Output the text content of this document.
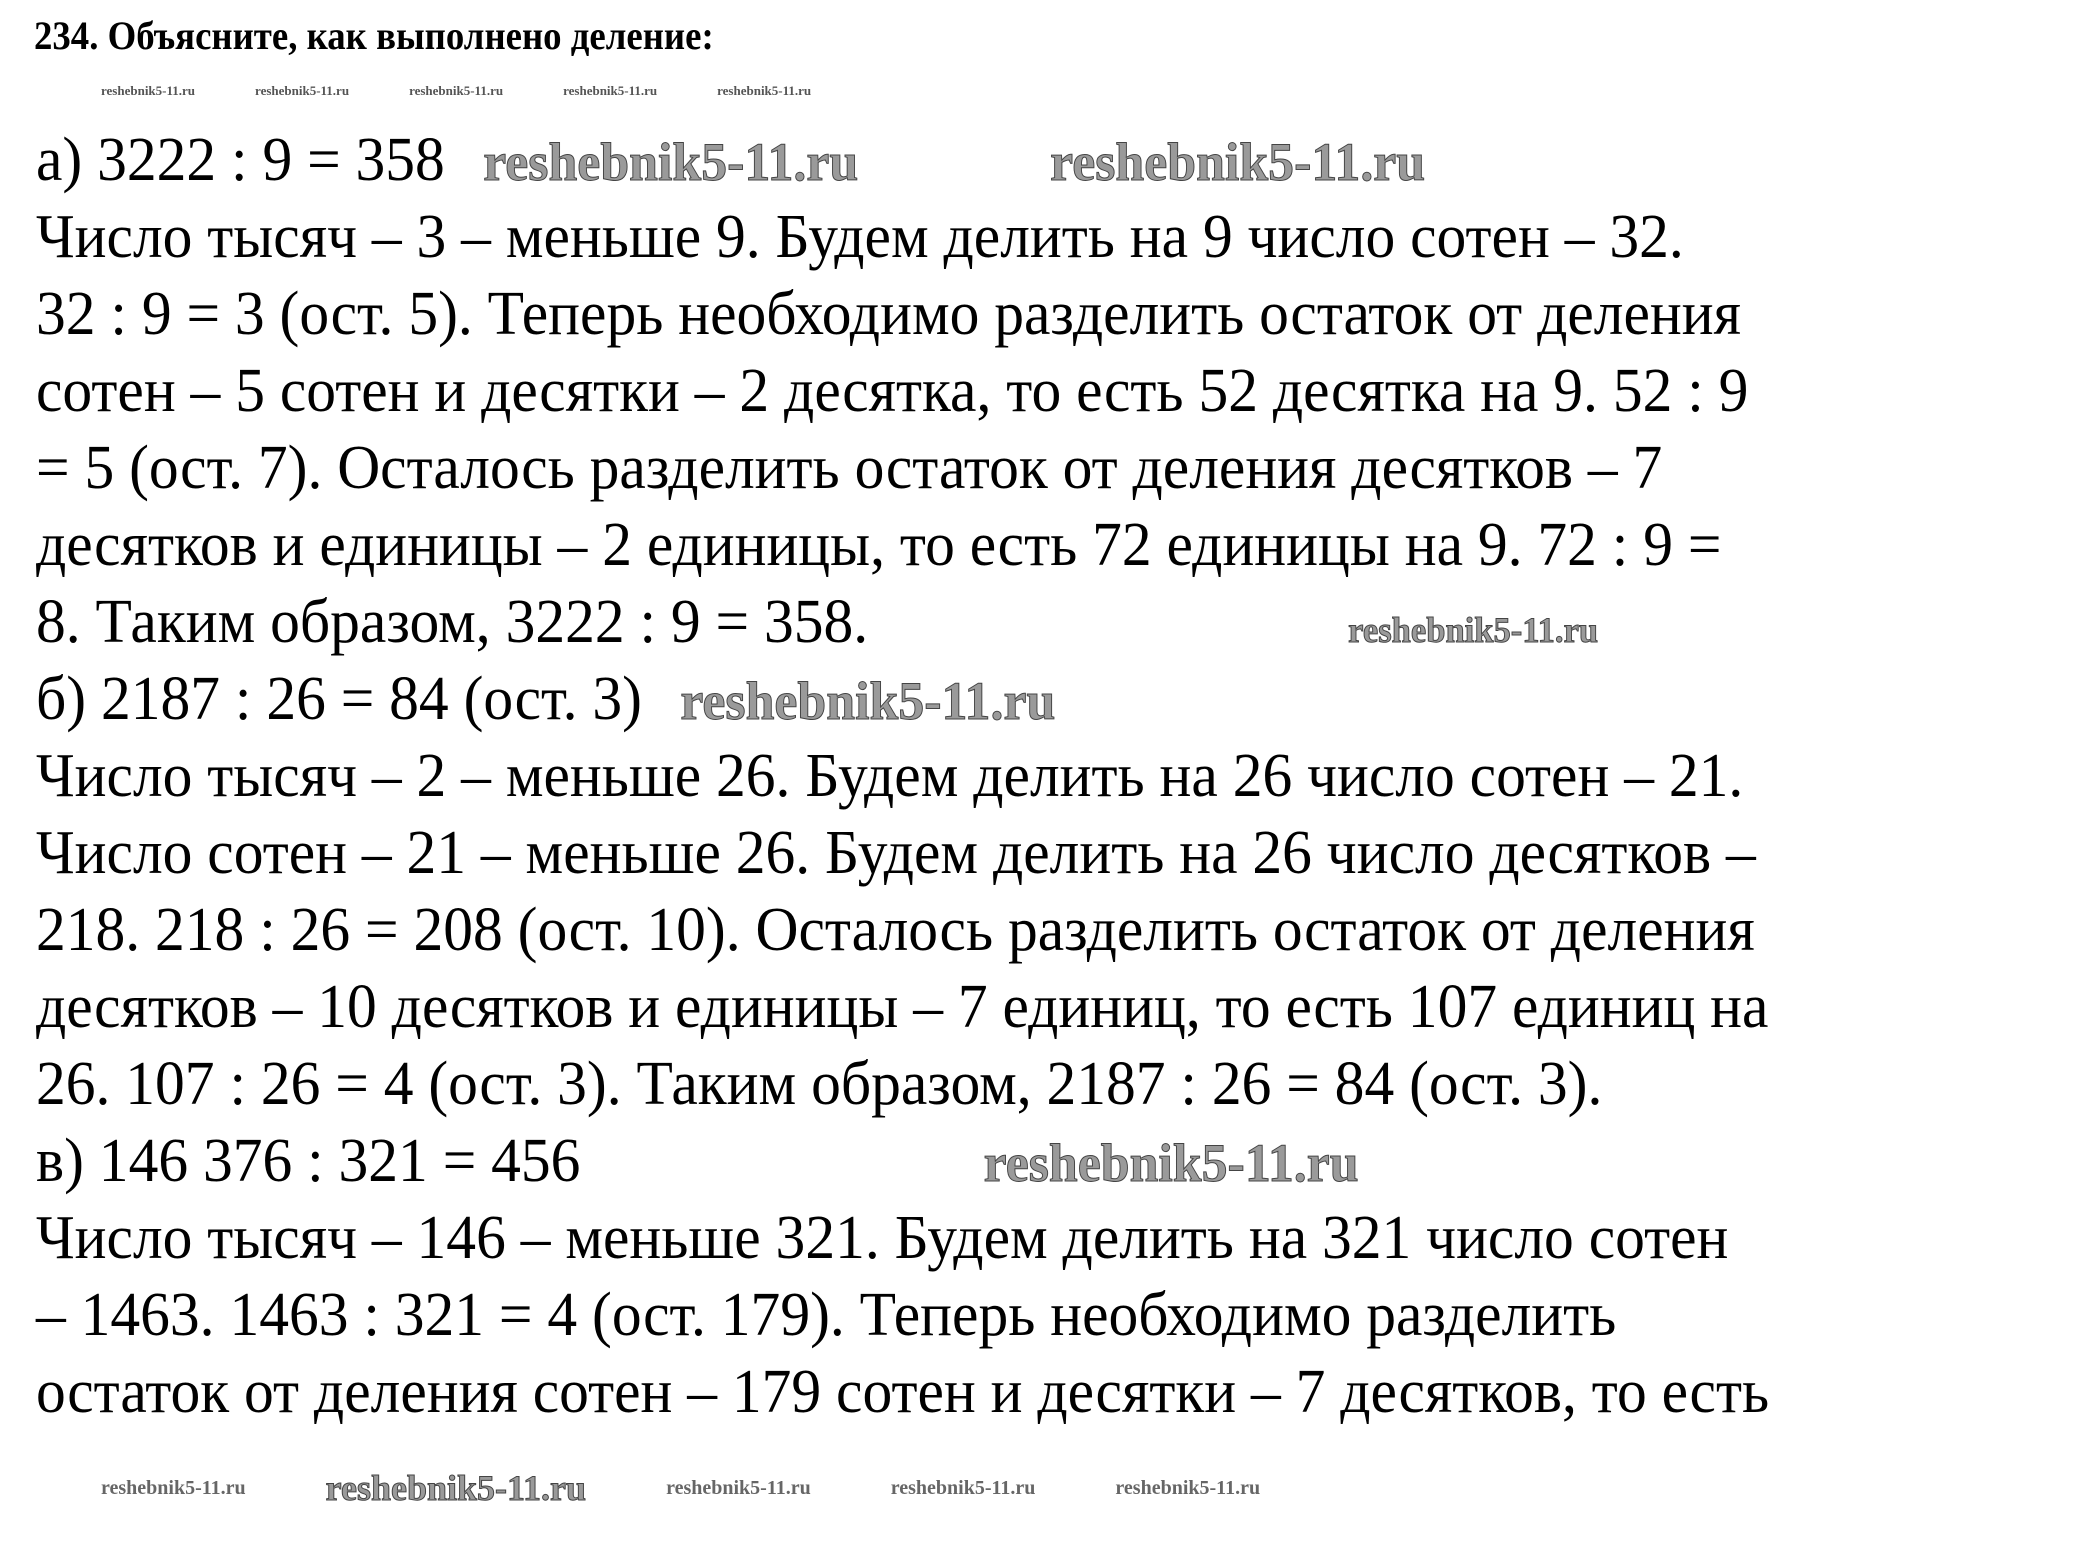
234. Объясните, как выполнено деление:
reshebnik5-11.ru	reshebnik5-11.ru	reshebnik5-11.ru	reshebnik5-11.ru	reshebnik5-11.ru
а) 3222 : 9 = 358 reshebnik5-11.ru	reshebnik5-11.ru
Число тысяч – 3 – меньше 9. Будем делить на 9 число сотен – 32.
32 : 9 = 3 (ост. 5). Теперь необходимо разделить остаток от деления
сотен – 5 сотен и десятки – 2 десятка, то есть 52 десятка на 9. 52 : 9
= 5 (ост. 7). Осталось разделить остаток от деления десятков – 7
десятков и единицы – 2 единицы, то есть 72 единицы на 9. 72 : 9 =
8. Таким образом, 3222 : 9 = 358.	reshebnik5-11.ru
б) 2187 : 26 = 84 (ост. 3) reshebnik5-11.ru
Число тысяч – 2 – меньше 26. Будем делить на 26 число сотен – 21.
Число сотен – 21 – меньше 26. Будем делить на 26 число десятков –
218. 218 : 26 = 208 (ост. 10). Осталось разделить остаток от деления
десятков – 10 десятков и единицы – 7 единиц, то есть 107 единиц на
26. 107 : 26 = 4 (ост. 3). Таким образом, 2187 : 26 = 84 (ост. 3).
в) 146 376 : 321 = 456	reshebnik5-11.ru
Число тысяч – 146 – меньше 321. Будем делить на 321 число сотен
– 1463. 1463 : 321 = 4 (ост. 179). Теперь необходимо разделить
остаток от деления сотен – 179 сотен и десятки – 7 десятков, то есть
reshebnik5-11.ru reshebnik5-11.ru	reshebnik5-11.ru	reshebnik5-11.ru	reshebnik5-11.ru
